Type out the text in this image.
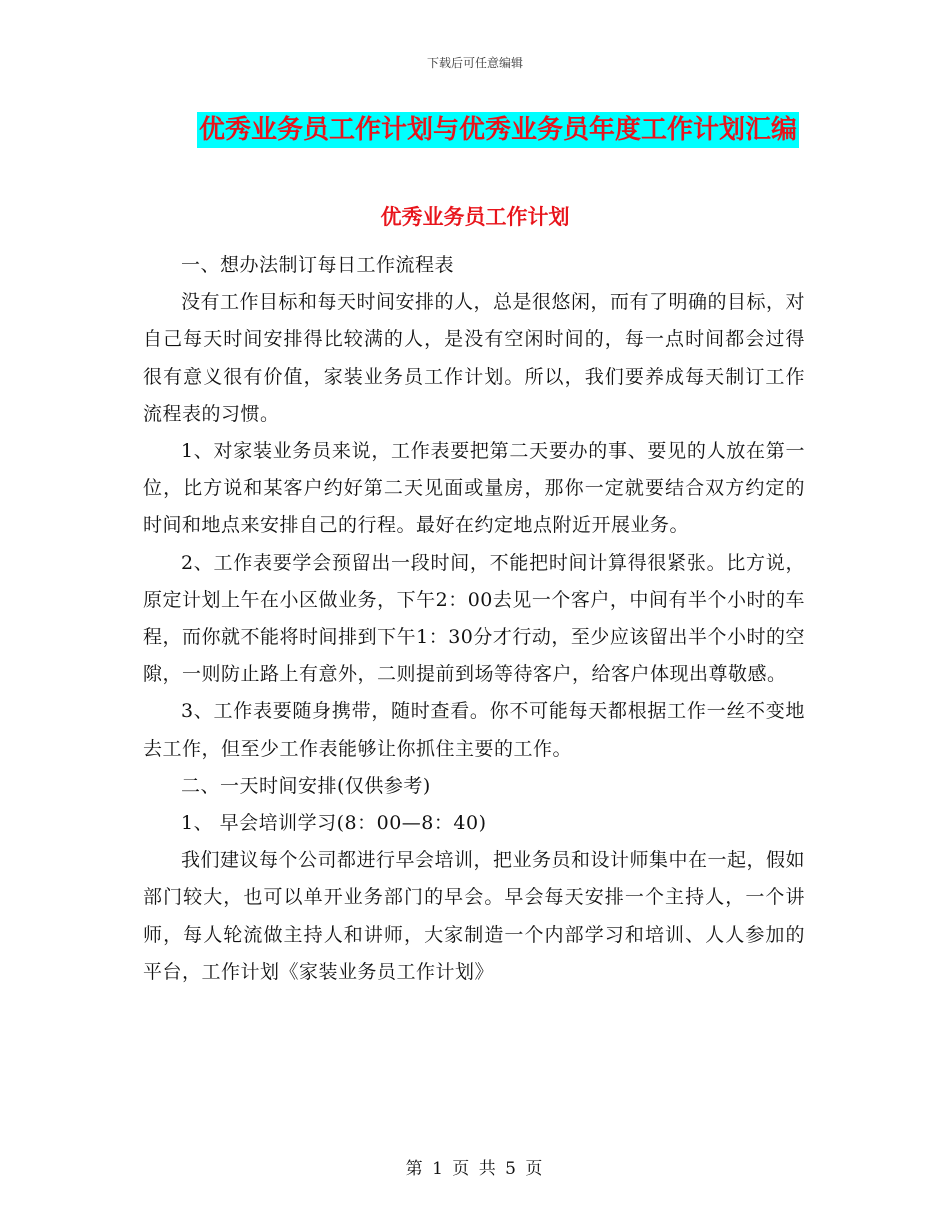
下载后可任意编辑
优秀业务员工作计划与优秀业务员年度工作计划汇编
优秀业务员工作计划

一、想办法制订每日工作流程表

没有工作目标和每天时间安排的人，总是很悠闲，而有了明确的目标，对自己每天时间安排得比较满的人，是没有空闲时间的，每一点时间都会过得很有意义很有价值，家装业务员工作计划。所以，我们要养成每天制订工作流程表的习惯。

1、对家装业务员来说，工作表要把第二天要办的事、要见的人放在第一位，比方说和某客户约好第二天见面或量房，那你一定就要结合双方约定的时间和地点来安排自己的行程。最好在约定地点附近开展业务。

2、工作表要学会预留出一段时间，不能把时间计算得很紧张。比方说，原定计划上午在小区做业务，下午2：00去见一个客户，中间有半个小时的车程，而你就不能将时间排到下午1：30分才行动，至少应该留出半个小时的空隙，一则防止路上有意外，二则提前到场等待客户，给客户体现出尊敬感。

3、工作表要随身携带，随时查看。你不可能每天都根据工作一丝不变地去工作，但至少工作表能够让你抓住主要的工作。

二、一天时间安排(仅供参考)

1、 早会培训学习(8：00—8：40)

我们建议每个公司都进行早会培训，把业务员和设计师集中在一起，假如部门较大，也可以单开业务部门的早会。早会每天安排一个主持人，一个讲师，每人轮流做主持人和讲师，大家制造一个内部学习和培训、人人参加的平台，工作计划《家装业务员工作计划》

第 1 页 共 5 页
